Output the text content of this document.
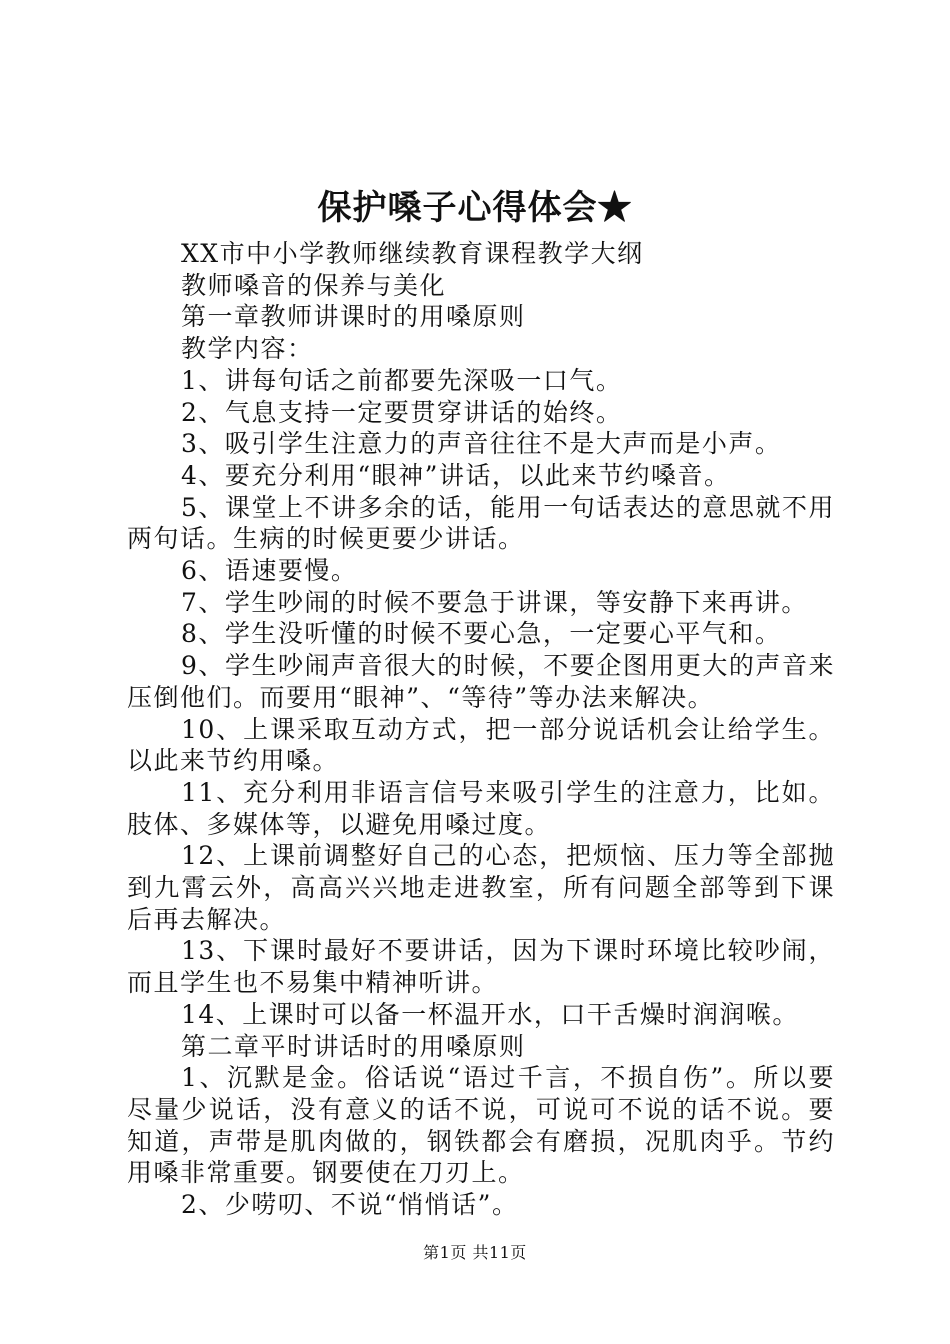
保护嗓子心得体会★

XX市中小学教师继续教育课程教学大纲

教师嗓音的保养与美化

第一章教师讲课时的用嗓原则

教学内容：

1、讲每句话之前都要先深吸一口气。

2、气息支持一定要贯穿讲话的始终。

3、吸引学生注意力的声音往往不是大声而是小声。

4、要充分利用“眼神”讲话，以此来节约嗓音。

5、课堂上不讲多余的话，能用一句话表达的意思就不用两句话。生病的时候更要少讲话。

6、语速要慢。

7、学生吵闹的时候不要急于讲课，等安静下来再讲。

8、学生没听懂的时候不要心急，一定要心平气和。

9、学生吵闹声音很大的时候，不要企图用更大的声音来压倒他们。而要用“眼神”、“等待”等办法来解决。

10、上课采取互动方式，把一部分说话机会让给学生。以此来节约用嗓。

11、充分利用非语言信号来吸引学生的注意力，比如。肢体、多媒体等，以避免用嗓过度。

12、上课前调整好自己的心态，把烦恼、压力等全部抛到九霄云外，高高兴兴地走进教室，所有问题全部等到下课后再去解决。

13、下课时最好不要讲话，因为下课时环境比较吵闹，而且学生也不易集中精神听讲。

14、上课时可以备一杯温开水，口干舌燥时润润喉。

第二章平时讲话时的用嗓原则

1、沉默是金。俗话说“语过千言，不损自伤”。所以要尽量少说话，没有意义的话不说，可说可不说的话不说。要知道，声带是肌肉做的，钢铁都会有磨损，况肌肉乎。节约用嗓非常重要。钢要使在刀刃上。

2、少唠叨、不说“悄悄话”。

第1页 共11页
